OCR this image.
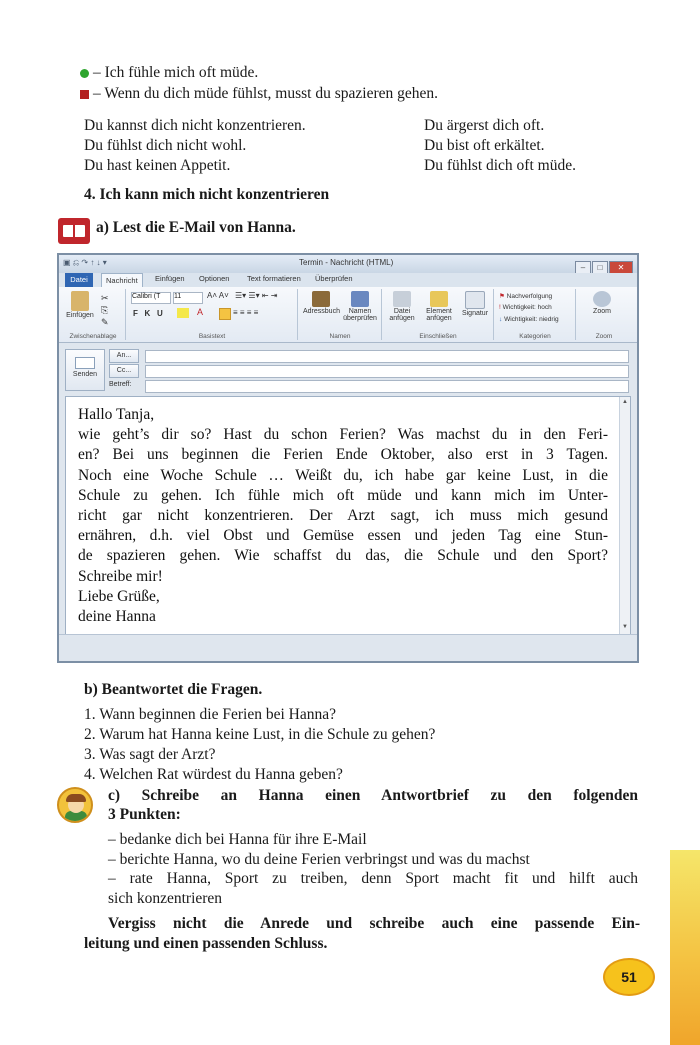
– Ich fühle mich oft müde.
– Wenn du dich müde fühlst, musst du spazieren gehen.
Du kannst dich nicht konzentrieren.
Du fühlst dich nicht wohl.
Du hast keinen Appetit.
Du ärgerst dich oft.
Du bist oft erkältet.
Du fühlst dich oft müde.
4. Ich kann mich nicht konzentrieren
a) Lest die E-Mail von Hanna.
▣ ⎌ ↷ ↑ ↓ ▾	Termin - Nachricht (HTML)
– □ ✕
Datei	Nachricht	Einfügen Optionen Text formatieren Überprüfen
Einfügen
✂
⎘
✎
Zwischenablage
Calibri (T	11	A˄ A˅ ☰▾ ☰▾ ⇤ ⇥
F   K   U	A	≡ ≡ ≡ ≡
Basistext
Adressbuch	Namen überprüfen
Namen
Datei anfügen
Element anfügen
Signatur
Einschließen
⚑ Nachverfolgung
! Wichtigkeit: hoch
↓ Wichtigkeit: niedrig
Kategorien
Zoom
Zoom
Senden
An...
Cc...
Betreff:
Hallo Tanja,
wie geht’s dir so? Hast du schon Ferien? Was machst du in den Feri-
en? Bei uns beginnen die Ferien Ende Oktober, also erst in 3 Tagen.
Noch eine Woche Schule … Weißt du, ich habe gar keine Lust, in die
Schule zu gehen. Ich fühle mich oft müde und kann mich im Unter-
richt gar nicht konzentrieren. Der Arzt sagt, ich muss mich gesund
ernähren, d.h. viel Obst und Gemüse essen und jeden Tag eine Stun-
de spazieren gehen. Wie schaffst du das, die Schule und den Sport?
Schreibe mir!
Liebe Grüße,
deine Hanna
▲
▼
b) Beantwortet die Fragen.
1. Wann beginnen die Ferien bei Hanna?
2. Warum hat Hanna keine Lust, in die Schule zu gehen?
3. Was sagt der Arzt?
4. Welchen Rat würdest du Hanna geben?
c) Schreibe an Hanna einen Antwortbrief zu den folgenden
3 Punkten:
– bedanke dich bei Hanna für ihre E-Mail
– berichte Hanna, wo du deine Ferien verbringst und was du machst
– rate Hanna, Sport zu treiben, denn Sport macht fit und hilft auch
sich konzentrieren
Vergiss nicht die Anrede und schreibe auch eine passende Ein-
leitung und einen passenden Schluss.
51
